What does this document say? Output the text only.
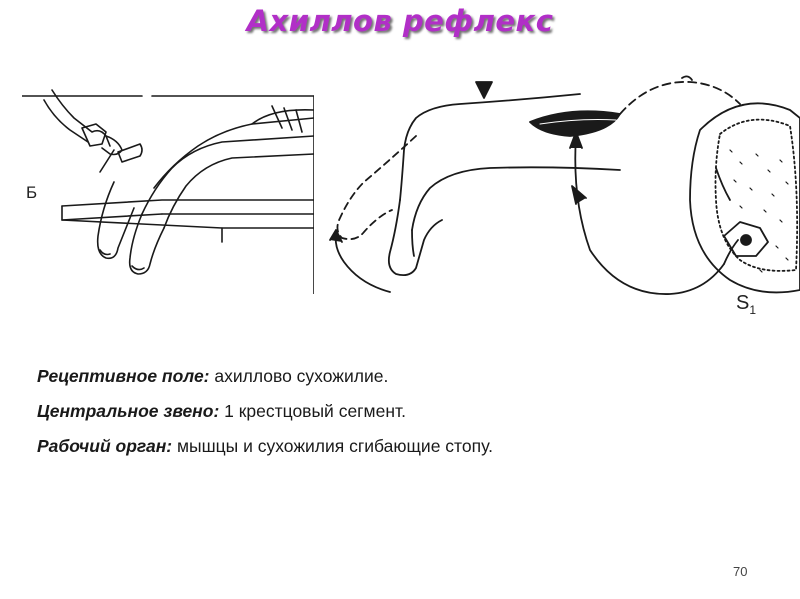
Ахиллов рефлекс
Б
$S_1$

Рецептивное поле: ахиллово сухожилие.

Центральное звено: 1 крестцовый сегмент.

Рабочий орган: мышцы и сухожилия сгибающие стопу.

70
